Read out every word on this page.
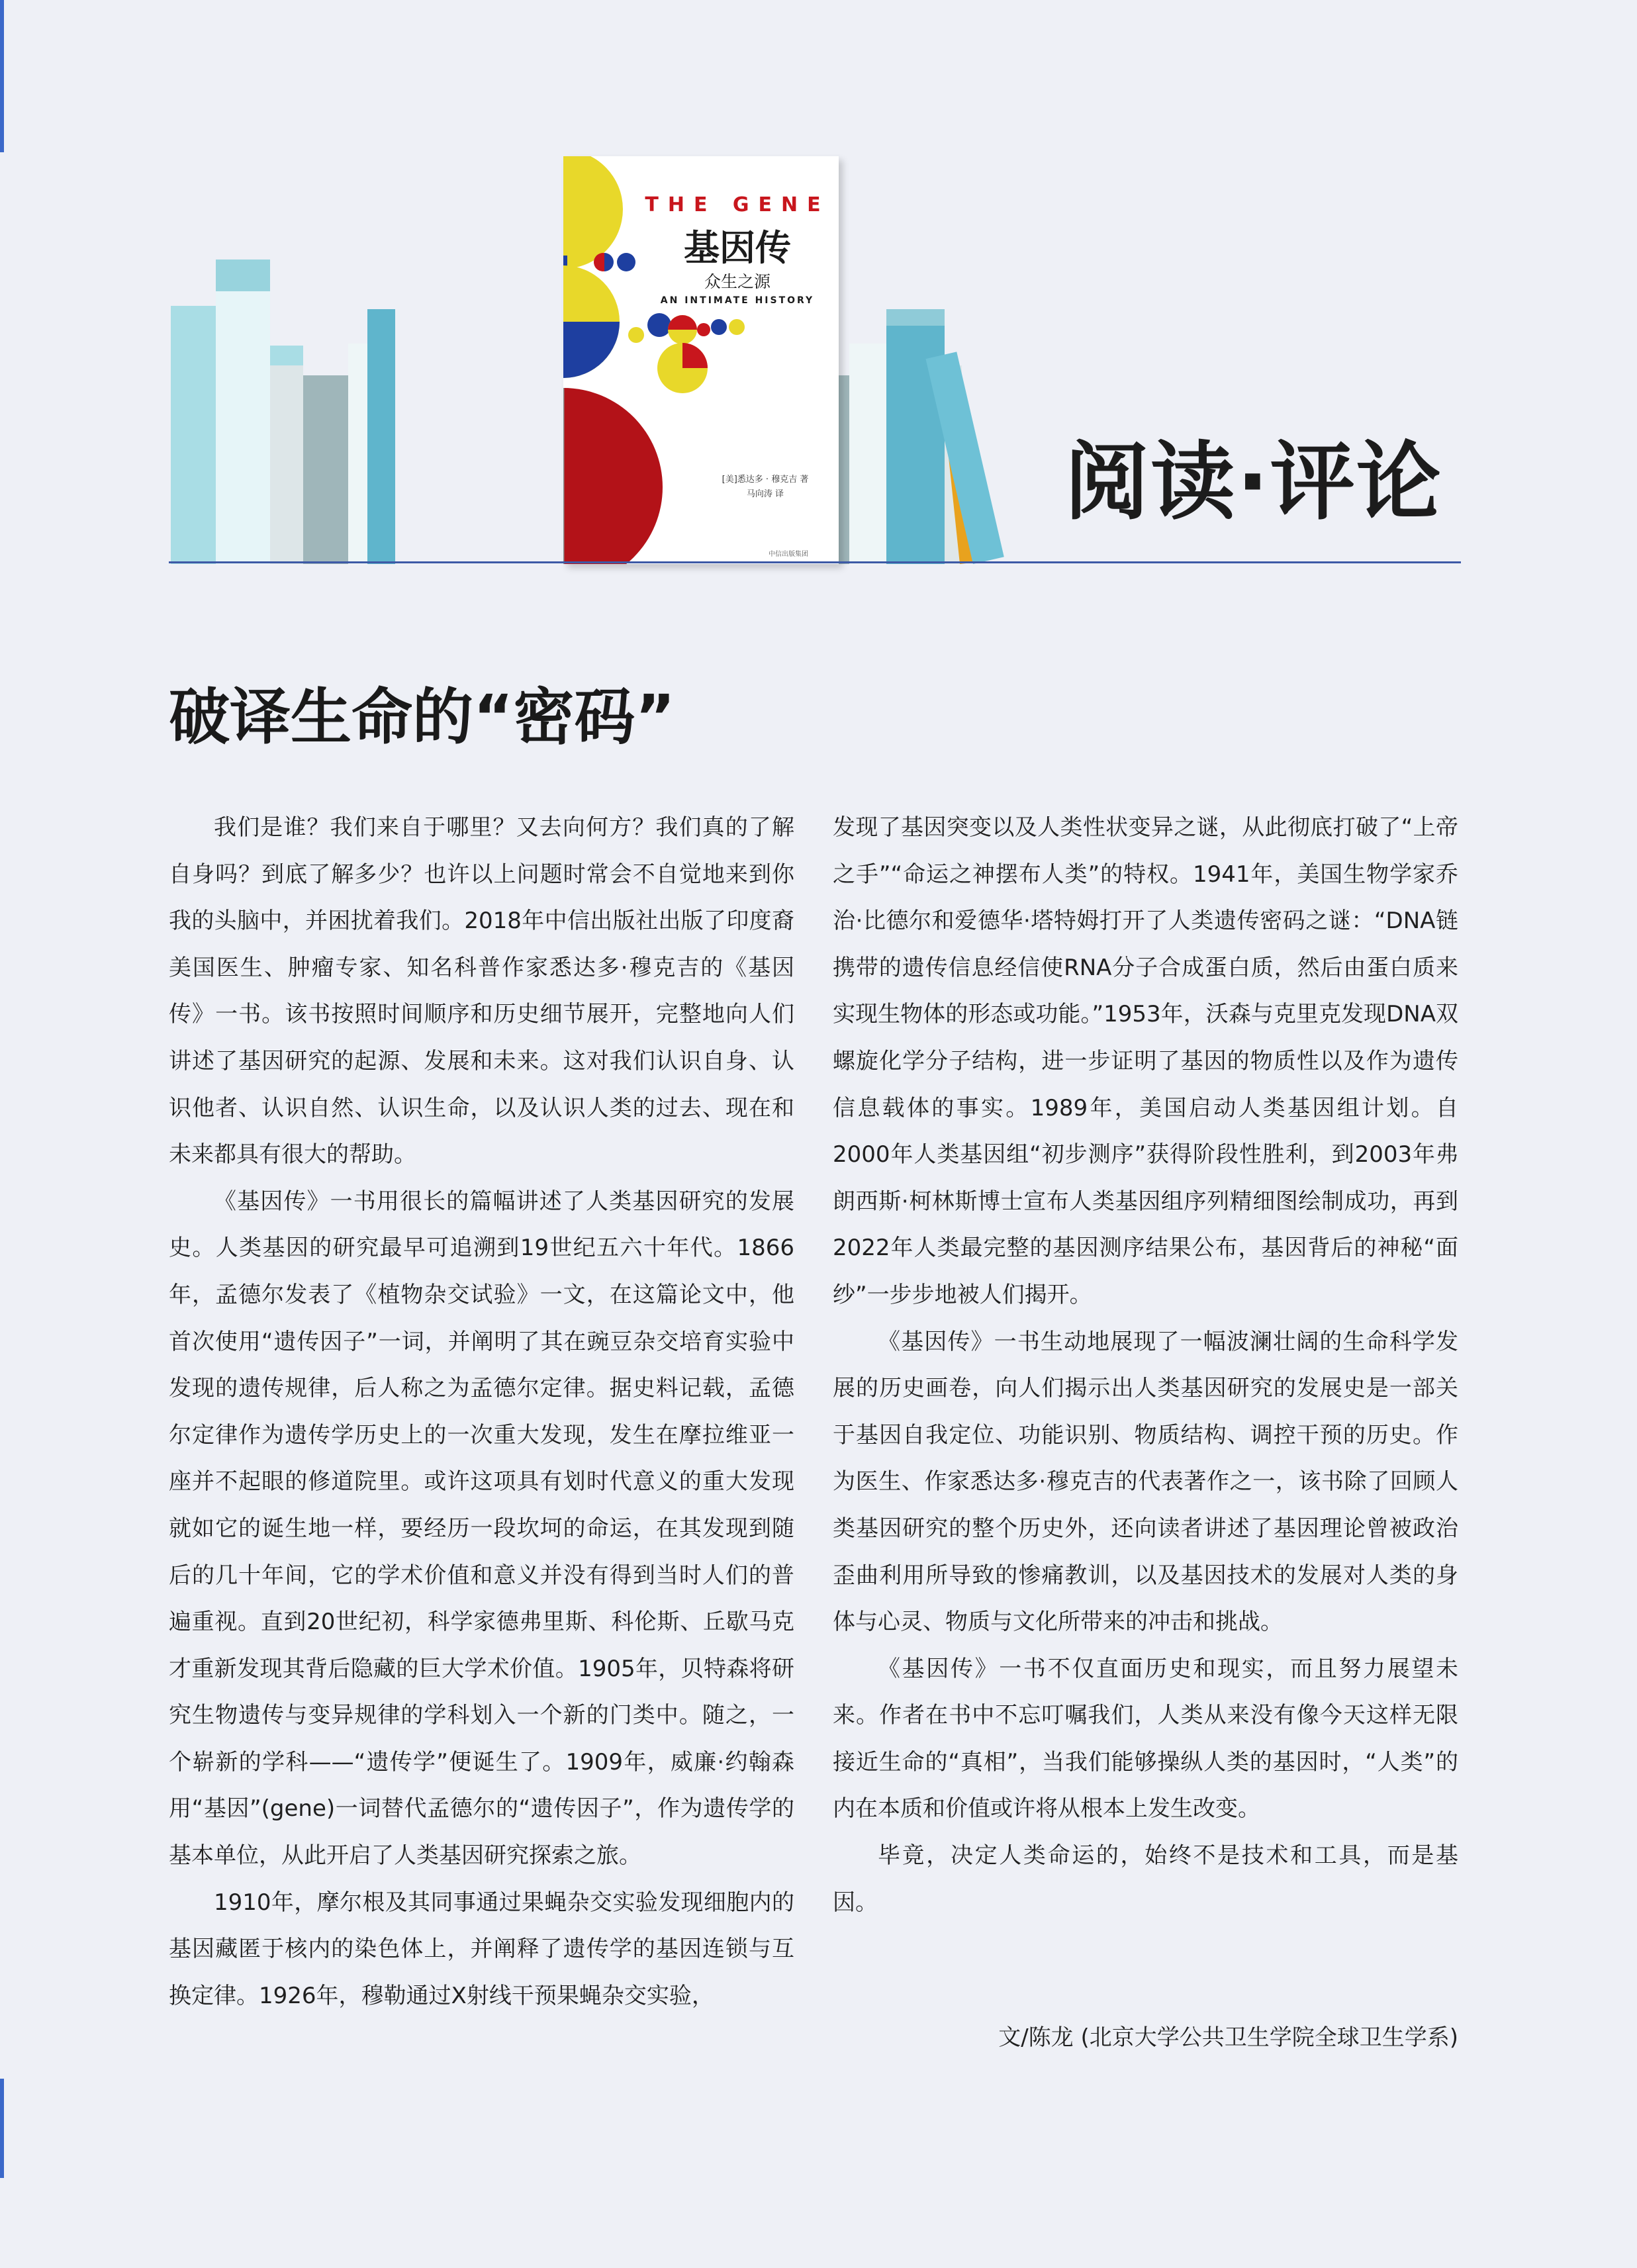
THE GENE
基因传
众生之源
AN INTIMATE HISTORY
[美]悉达多 · 穆克吉 著
马向涛 译
中信出版集团
阅读·评论
破译生命的“密码”

我们是谁？我们来自于哪里？又去向何方？我们真的了解自身吗？到底了解多少？也许以上问题时常会不自觉地来到你我的头脑中，并困扰着我们。2018年中信出版社出版了印度裔美国医生、肿瘤专家、知名科普作家悉达多·穆克吉的《基因传》一书。该书按照时间顺序和历史细节展开，完整地向人们讲述了基因研究的起源、发展和未来。这对我们认识自身、认识他者、认识自然、认识生命，以及认识人类的过去、现在和未来都具有很大的帮助。

《基因传》一书用很长的篇幅讲述了人类基因研究的发展史。人类基因的研究最早可追溯到19世纪五六十年代。1866年，孟德尔发表了《植物杂交试验》一文，在这篇论文中，他首次使用“遗传因子”一词，并阐明了其在豌豆杂交培育实验中发现的遗传规律，后人称之为孟德尔定律。据史料记载，孟德尔定律作为遗传学历史上的一次重大发现，发生在摩拉维亚一座并不起眼的修道院里。或许这项具有划时代意义的重大发现就如它的诞生地一样，要经历一段坎坷的命运，在其发现到随后的几十年间，它的学术价值和意义并没有得到当时人们的普遍重视。直到20世纪初，科学家德弗里斯、科伦斯、丘歇马克才重新发现其背后隐藏的巨大学术价值。1905年，贝特森将研究生物遗传与变异规律的学科划入一个新的门类中。随之，一个崭新的学科——“遗传学”便诞生了。1909年，威廉·约翰森用“基因”(gene)一词替代孟德尔的“遗传因子”，作为遗传学的基本单位，从此开启了人类基因研究探索之旅。

1910年，摩尔根及其同事通过果蝇杂交实验发现细胞内的基因藏匿于核内的染色体上，并阐释了遗传学的基因连锁与互换定律。1926年，穆勒通过X射线干预果蝇杂交实验，

发现了基因突变以及人类性状变异之谜，从此彻底打破了“上帝之手”“命运之神摆布人类”的特权。1941年，美国生物学家乔治·比德尔和爱德华·塔特姆打开了人类遗传密码之谜：“DNA链携带的遗传信息经信使RNA分子合成蛋白质，然后由蛋白质来实现生物体的形态或功能。”1953年，沃森与克里克发现DNA双螺旋化学分子结构，进一步证明了基因的物质性以及作为遗传信息载体的事实。1989年，美国启动人类基因组计划。自2000年人类基因组“初步测序”获得阶段性胜利，到2003年弗朗西斯·柯林斯博士宣布人类基因组序列精细图绘制成功，再到2022年人类最完整的基因测序结果公布，基因背后的神秘“面纱”一步步地被人们揭开。

《基因传》一书生动地展现了一幅波澜壮阔的生命科学发展的历史画卷，向人们揭示出人类基因研究的发展史是一部关于基因自我定位、功能识别、物质结构、调控干预的历史。作为医生、作家悉达多·穆克吉的代表著作之一，该书除了回顾人类基因研究的整个历史外，还向读者讲述了基因理论曾被政治歪曲利用所导致的惨痛教训，以及基因技术的发展对人类的身体与心灵、物质与文化所带来的冲击和挑战。

《基因传》一书不仅直面历史和现实，而且努力展望未来。作者在书中不忘叮嘱我们，人类从来没有像今天这样无限接近生命的“真相”，当我们能够操纵人类的基因时，“人类”的内在本质和价值或许将从根本上发生改变。

毕竟，决定人类命运的，始终不是技术和工具，而是基因。

文/陈龙 (北京大学公共卫生学院全球卫生学系)
